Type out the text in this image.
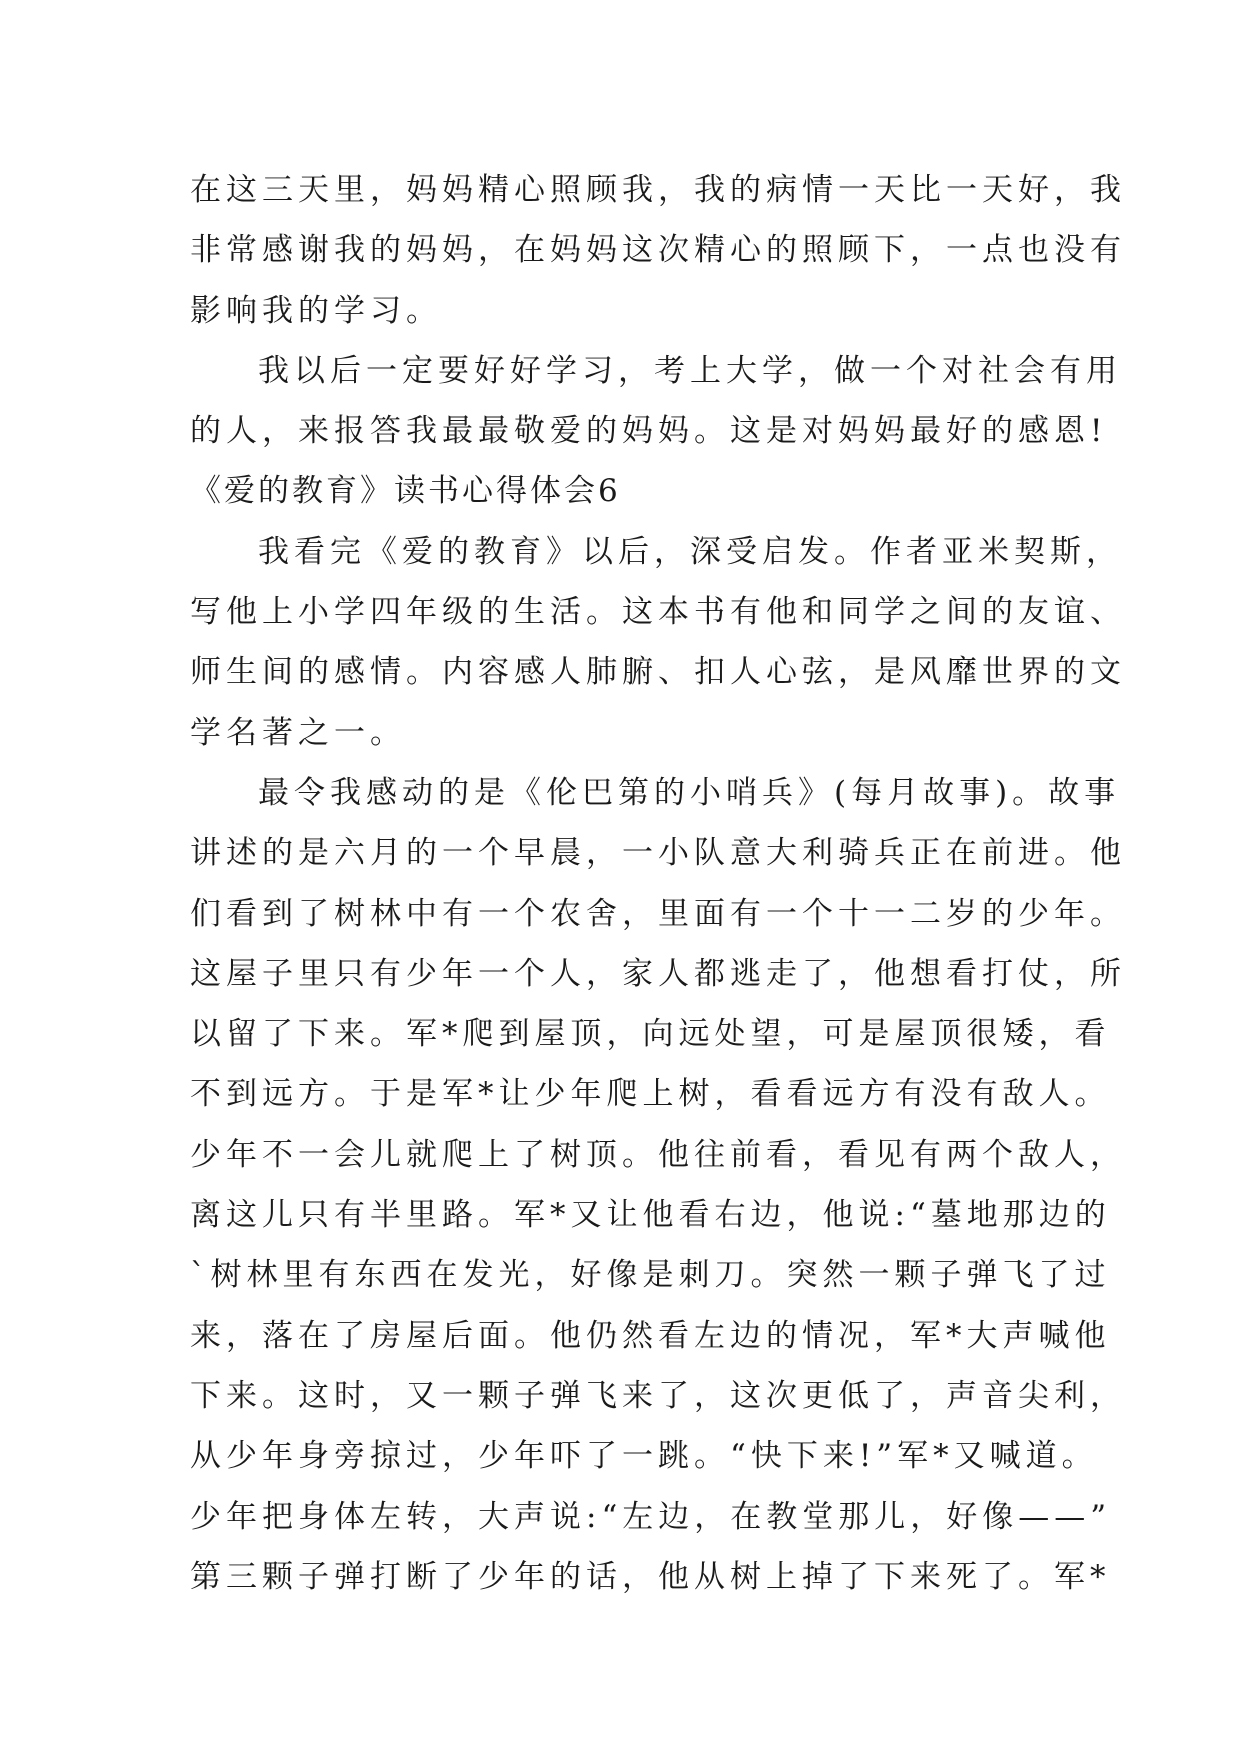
在这三天里，妈妈精心照顾我，我的病情一天比一天好，我
非常感谢我的妈妈，在妈妈这次精心的照顾下，一点也没有
影响我的学习。
我以后一定要好好学习，考上大学，做一个对社会有用
的人，来报答我最最敬爱的妈妈。这是对妈妈最好的感恩!
《爱的教育》读书心得体会6
我看完《爱的教育》以后，深受启发。作者亚米契斯，
写他上小学四年级的生活。这本书有他和同学之间的友谊、
师生间的感情。内容感人肺腑、扣人心弦，是风靡世界的文
学名著之一。
最令我感动的是《伦巴第的小哨兵》(每月故事)。故事
讲述的是六月的一个早晨，一小队意大利骑兵正在前进。他
们看到了树林中有一个农舍，里面有一个十一二岁的少年。
这屋子里只有少年一个人，家人都逃走了，他想看打仗，所
以留了下来。军*爬到屋顶，向远处望，可是屋顶很矮，看
不到远方。于是军*让少年爬上树，看看远方有没有敌人。
少年不一会儿就爬上了树顶。他往前看，看见有两个敌人，
离这儿只有半里路。军*又让他看右边，他说:“墓地那边的
`树林里有东西在发光，好像是刺刀。突然一颗子弹飞了过
来，落在了房屋后面。他仍然看左边的情况，军*大声喊他
下来。这时，又一颗子弹飞来了，这次更低了，声音尖利，
从少年身旁掠过，少年吓了一跳。“快下来!”军*又喊道。
少年把身体左转，大声说:“左边，在教堂那儿，好像——”
第三颗子弹打断了少年的话，他从树上掉了下来死了。军*
